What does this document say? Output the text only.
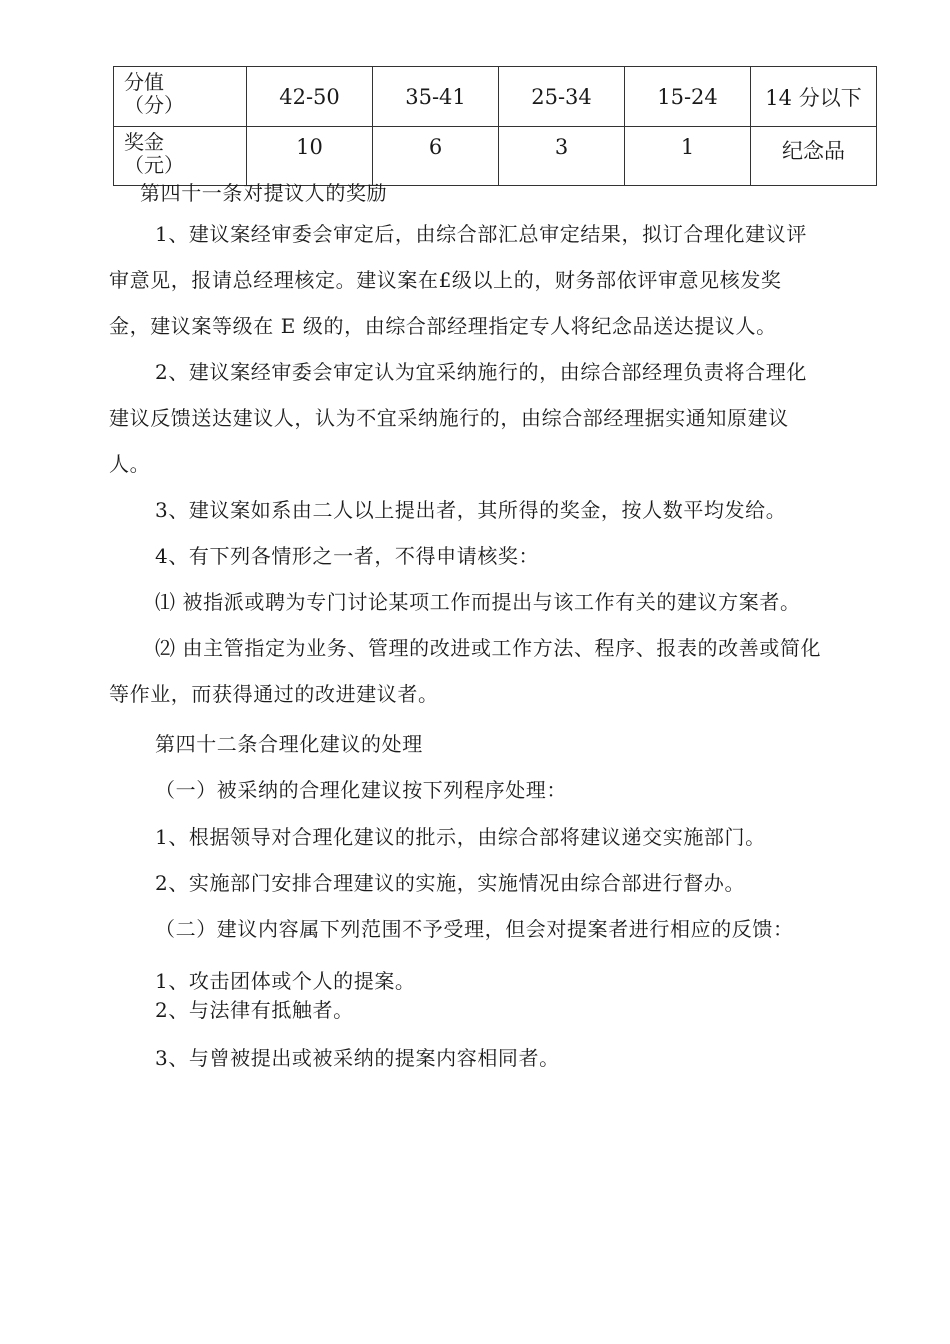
分值
（分）	42-50	35-41	25-34	15-24	14 分以下

奖金
（元）	10	6	3	1	纪念品
第四十一条对提议人的奖励
1、建议案经审委会审定后，由综合部汇总审定结果，拟订合理化建议评
审意见，报请总经理核定。建议案在£级以上的，财务部依评审意见核发奖
金，建议案等级在 E 级的，由综合部经理指定专人将纪念品送达提议人。
2、建议案经审委会审定认为宜采纳施行的，由综合部经理负责将合理化
建议反馈送达建议人，认为不宜采纳施行的，由综合部经理据实通知原建议
人。
3、建议案如系由二人以上提出者，其所得的奖金，按人数平均发给。
4、有下列各情形之一者，不得申请核奖：
⑴ 被指派或聘为专门讨论某项工作而提出与该工作有关的建议方案者。
⑵ 由主管指定为业务、管理的改进或工作方法、程序、报表的改善或简化
等作业，而获得通过的改进建议者。
第四十二条合理化建议的处理
（一）被采纳的合理化建议按下列程序处理：
1、根据领导对合理化建议的批示，由综合部将建议递交实施部门。
2、实施部门安排合理建议的实施，实施情况由综合部进行督办。
（二）建议内容属下列范围不予受理，但会对提案者进行相应的反馈：
1、攻击团体或个人的提案。
2、与法律有抵触者。
3、与曾被提出或被采纳的提案内容相同者。
